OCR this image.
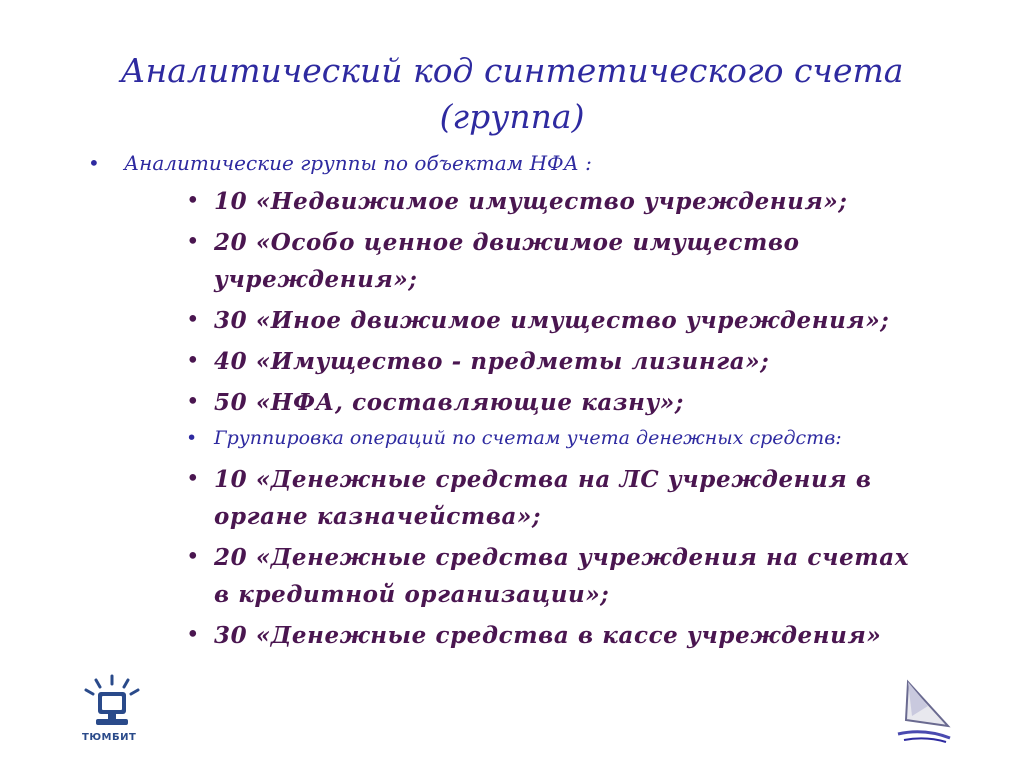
Аналитический код синтетического счета
(группа)
• Аналитические группы по объектам НФА :
• 10 «Недвижимое имущество учреждения»;
• 20 «Особо ценное движимое имущество учреждения»;
• 30 «Иное движимое имущество учреждения»;
• 40 «Имущество - предметы лизинга»;
• 50 «НФА, составляющие казну»;
• Группировка операций по счетам учета денежных средств:
• 10 «Денежные средства на ЛС учреждения в органе казначейства»;
• 20 «Денежные средства учреждения на счетах в кредитной организации»;
• 30 «Денежные средства в кассе учреждения»
ТЮМБИТ
